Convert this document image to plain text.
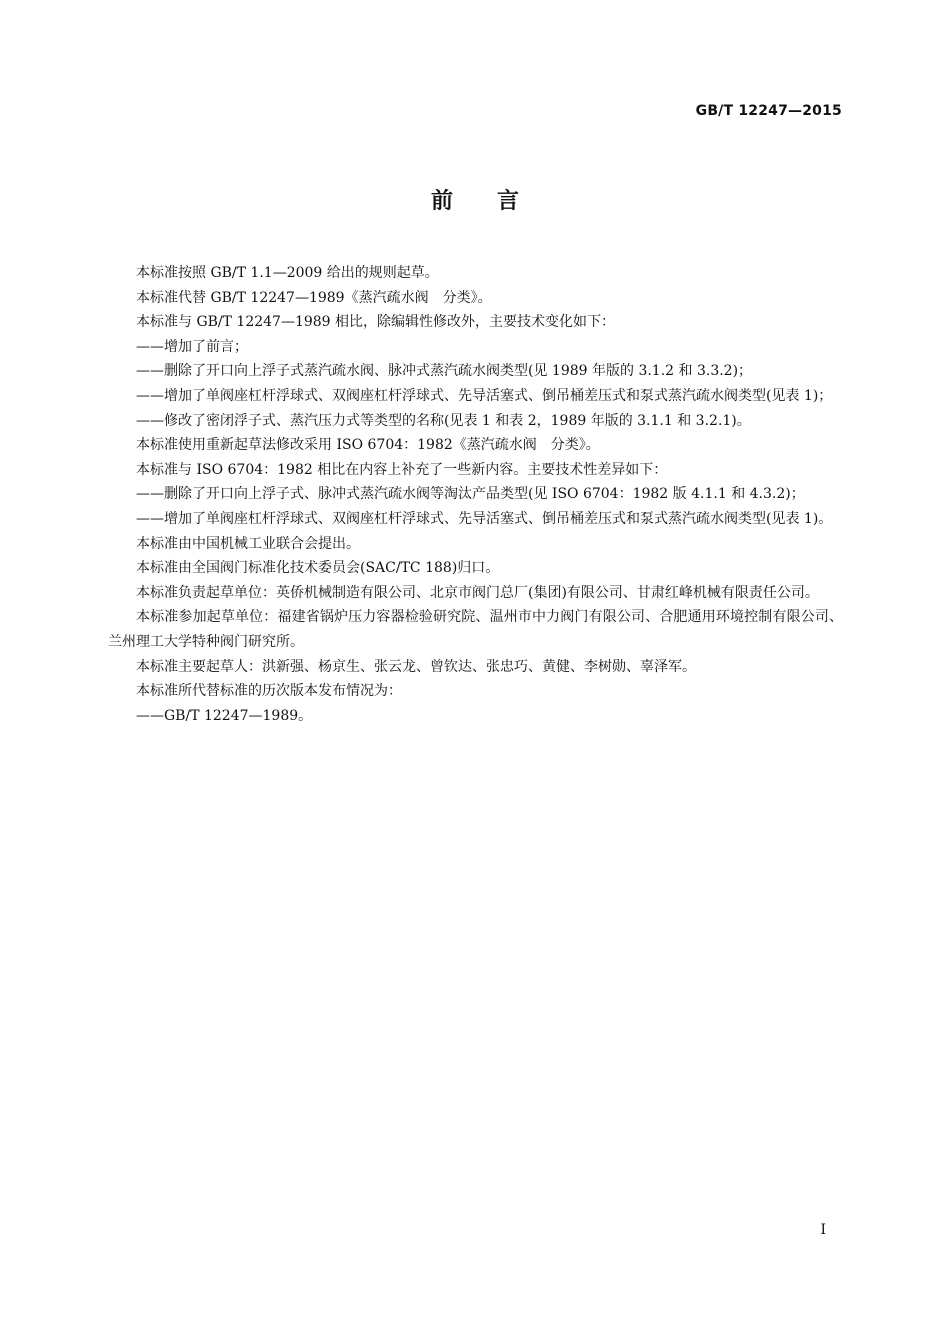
GB/T 12247—2015
前言

本标准按照 GB/T 1.1—2009 给出的规则起草。

本标准代替 GB/T 12247—1989《蒸汽疏水阀　分类》。

本标准与 GB/T 12247—1989 相比，除编辑性修改外，主要技术变化如下：

——增加了前言；

——删除了开口向上浮子式蒸汽疏水阀、脉冲式蒸汽疏水阀类型(见 1989 年版的 3.1.2 和 3.3.2)；

——增加了单阀座杠杆浮球式、双阀座杠杆浮球式、先导活塞式、倒吊桶差压式和泵式蒸汽疏水阀类型(见表 1)；

——修改了密闭浮子式、蒸汽压力式等类型的名称(见表 1 和表 2，1989 年版的 3.1.1 和 3.2.1)。

本标准使用重新起草法修改采用 ISO 6704：1982《蒸汽疏水阀　分类》。

本标准与 ISO 6704：1982 相比在内容上补充了一些新内容。主要技术性差异如下：

——删除了开口向上浮子式、脉冲式蒸汽疏水阀等淘汰产品类型(见 ISO 6704：1982 版 4.1.1 和 4.3.2)；

——增加了单阀座杠杆浮球式、双阀座杠杆浮球式、先导活塞式、倒吊桶差压式和泵式蒸汽疏水阀类型(见表 1)。

本标准由中国机械工业联合会提出。

本标准由全国阀门标准化技术委员会(SAC/TC 188)归口。

本标准负责起草单位：英侨机械制造有限公司、北京市阀门总厂(集团)有限公司、甘肃红峰机械有限责任公司。

本标准参加起草单位：福建省锅炉压力容器检验研究院、温州市中力阀门有限公司、合肥通用环境控制有限公司、兰州理工大学特种阀门研究所。

本标准主要起草人：洪新强、杨京生、张云龙、曾钦达、张忠巧、黄健、李树勋、辜泽军。

本标准所代替标准的历次版本发布情况为：

——GB/T 12247—1989。

I
